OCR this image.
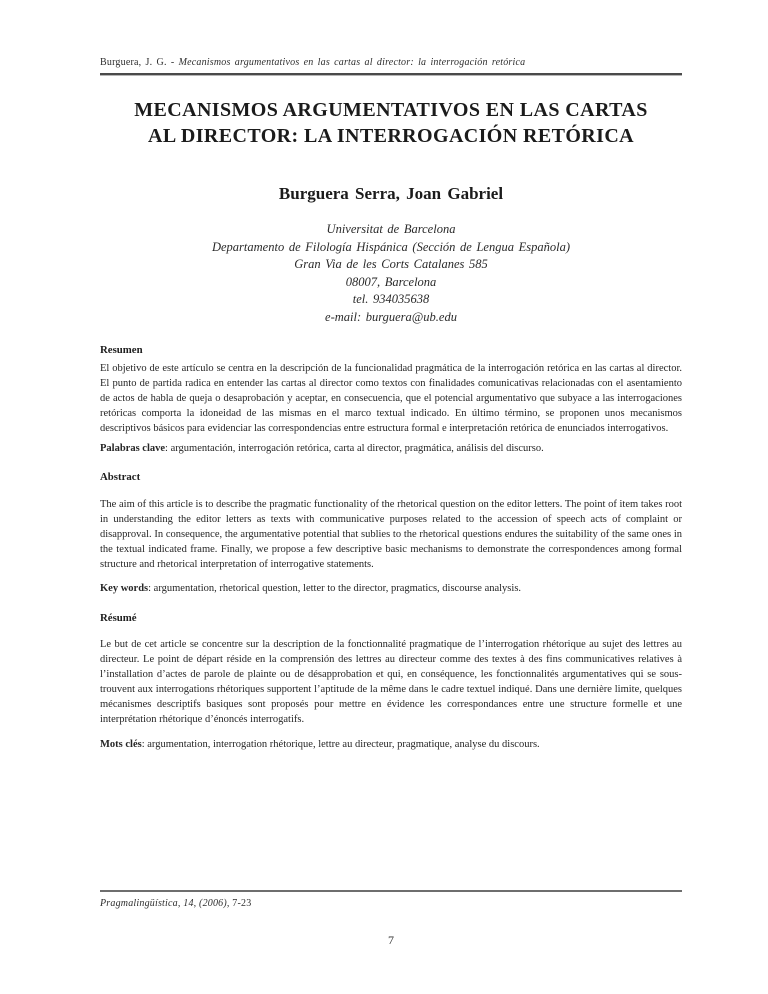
Burguera, J. G. - Mecanismos argumentativos en las cartas al director: la interrogación retórica
MECANISMOS ARGUMENTATIVOS EN LAS CARTAS
AL DIRECTOR: LA INTERROGACIÓN RETÓRICA
Burguera Serra, Joan Gabriel
Universitat de Barcelona
Departamento de Filología Hispánica (Sección de Lengua Española)
Gran Via de les Corts Catalanes 585
08007, Barcelona
tel. 934035638
e-mail: burguera@ub.edu
Resumen
El objetivo de este artículo se centra en la descripción de la funcionalidad pragmática de la interrogación retórica en las cartas al director. El punto de partida radica en entender las cartas al director como textos con finalidades comunicativas relacionadas con el asentamiento de actos de habla de queja o desaprobación y aceptar, en consecuencia, que el potencial argumentativo que subyace a las interrogaciones retóricas comporta la idoneidad de las mismas en el marco textual indicado. En último término, se proponen unos mecanismos descriptivos básicos para evidenciar las correspondencias entre estructura formal e interpretación retórica de enunciados interrogativos.
Palabras clave: argumentación, interrogación retórica, carta al director, pragmática, análisis del discurso.
Abstract
The aim of this article is to describe the pragmatic functionality of the rhetorical question on the editor letters. The point of item takes root in understanding the editor letters as texts with communicative purposes related to the accession of speech acts of complaint or disapproval. In consequence, the argumentative potential that sublies to the rhetorical questions endures the suitability of the same ones in the textual indicated frame. Finally, we propose a few descriptive basic mechanisms to demonstrate the correspondences among formal structure and rhetorical interpretation of interrogative statements.
Key words: argumentation, rhetorical question, letter to the director, pragmatics, discourse analysis.
Résumé
Le but de cet article se concentre sur la description de la fonctionnalité pragmatique de l’interrogation rhétorique au sujet des lettres au directeur. Le point de départ réside en la comprensión des lettres au directeur comme des textes à des fins communicatives relatives à l’installation d’actes de parole de plainte ou de désapprobation et qui, en conséquence, les fonctionnalités argumentatives qui se sous-trouvent aux interrogations rhétoriques supportent l’aptitude de la même dans le cadre textuel indiqué. Dans une dernière limite, quelques mécanismes descriptifs basiques sont proposés pour mettre en évidence les correspondances entre une structure formelle et une interprétation rhétorique d’énoncés interrogatifs.
Mots clés: argumentation, interrogation rhétorique, lettre au directeur, pragmatique, analyse du discours.
Pragmalingüística, 14, (2006), 7-23
7
